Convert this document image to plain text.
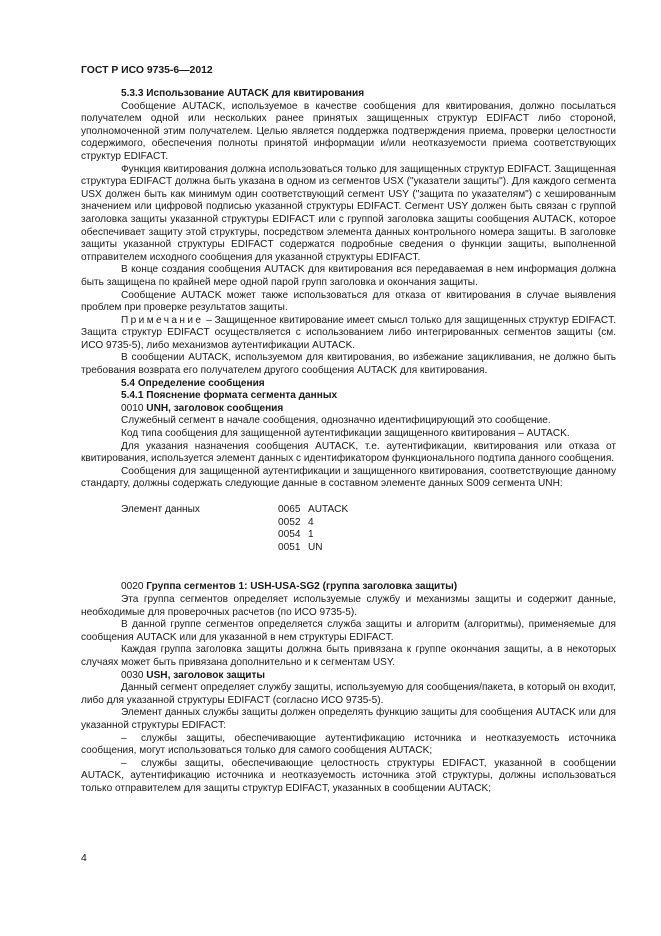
ГОСТ Р ИСО 9735-6—2012

5.3.3 Использование AUTACK для квитирования

Сообщение AUTACK, используемое в качестве сообщения для квитирования, должно посылаться получателем одной или нескольких ранее принятых защищенных структур EDIFACT либо стороной, уполномоченной этим получателем. Целью является поддержка подтверждения приема, проверки целостности содержимого, обеспечения полноты принятой информации и/или неотказуемости приема соответствующих структур EDIFACT.

Функция квитирования должна использоваться только для защищенных структур EDIFACT. Защищенная структура EDIFACT должна быть указана в одном из сегментов USX ("указатели защиты"). Для каждого сегмента USX должен быть как минимум один соответствующий сегмент USY ("защита по указателям") с хешированным значением или цифровой подписью указанной структуры EDIFACT. Сегмент USY должен быть связан с группой заголовка защиты указанной структуры EDIFACT или с группой заголовка защиты сообщения AUTACK, которое обеспечивает защиту этой структуры, посредством элемента данных контрольного номера защиты. В заголовке защиты указанной структуры EDIFACT содержатся подробные сведения о функции защиты, выполненной отправителем исходного сообщения для указанной структуры EDIFACT.

В конце создания сообщения AUTACK для квитирования вся передаваемая в нем информация должна быть защищена по крайней мере одной парой групп заголовка и окончания защиты.

Сообщение AUTACK может также использоваться для отказа от квитирования в случае выявления проблем при проверке результатов защиты.

Примечание – Защищенное квитирование имеет смысл только для защищенных структур EDIFACT. Защита структур EDIFACT осуществляется с использованием либо интегрированных сегментов защиты (см. ИСО 9735-5), либо механизмов аутентификации AUTACK.

В сообщении AUTACK, используемом для квитирования, во избежание зацикливания, не должно быть требования возврата его получателем другого сообщения AUTACK для квитирования.

5.4 Определение сообщения

5.4.1 Пояснение формата сегмента данных

0010 UNH, заголовок сообщения

Служебный сегмент в начале сообщения, однозначно идентифицирующий это сообщение.

Код типа сообщения для защищенной аутентификации защищенного квитирования – AUTACK.

Для указания назначения сообщения AUTACK, т.е. аутентификации, квитирования или отказа от квитирования, используется элемент данных с идентификатором функционального подтипа данного сообщения.

Сообщения для защищенной аутентификации и защищенного квитирования, соответствующие данному стандарту, должны содержать следующие данные в составном элементе данных S009 сегмента UNH:

Элемент данных	0065	AUTACK
	0052	4
	0054	1
	0051	UN

0020 Группа сегментов 1: USH-USA-SG2 (группа заголовка защиты)

Эта группа сегментов определяет используемые службу и механизмы защиты и содержит данные, необходимые для проверочных расчетов (по ИСО 9735-5).

В данной группе сегментов определяется служба защиты и алгоритм (алгоритмы), применяемые для сообщения AUTACK или для указанной в нем структуры EDIFACT.

Каждая группа заголовка защиты должна быть привязана к группе окончания защиты, а в некоторых случаях может быть привязана дополнительно и к сегментам USY.

0030 USH, заголовок защиты

Данный сегмент определяет службу защиты, используемую для сообщения/пакета, в который он входит, либо для указанной структуры EDIFACT (согласно ИСО 9735-5).

Элемент данных службы защиты должен определять функцию защиты для сообщения AUTACK или для указанной структуры EDIFACT:

– службы защиты, обеспечивающие аутентификацию источника и неотказуемость источника сообщения, могут использоваться только для самого сообщения AUTACK;

– службы защиты, обеспечивающие целостность структуры EDIFACT, указанной в сообщении AUTACK, аутентификацию источника и неотказуемость источника этой структуры, должны использоваться только отправителем для защиты структур EDIFACT, указанных в сообщении AUTACK;

4
